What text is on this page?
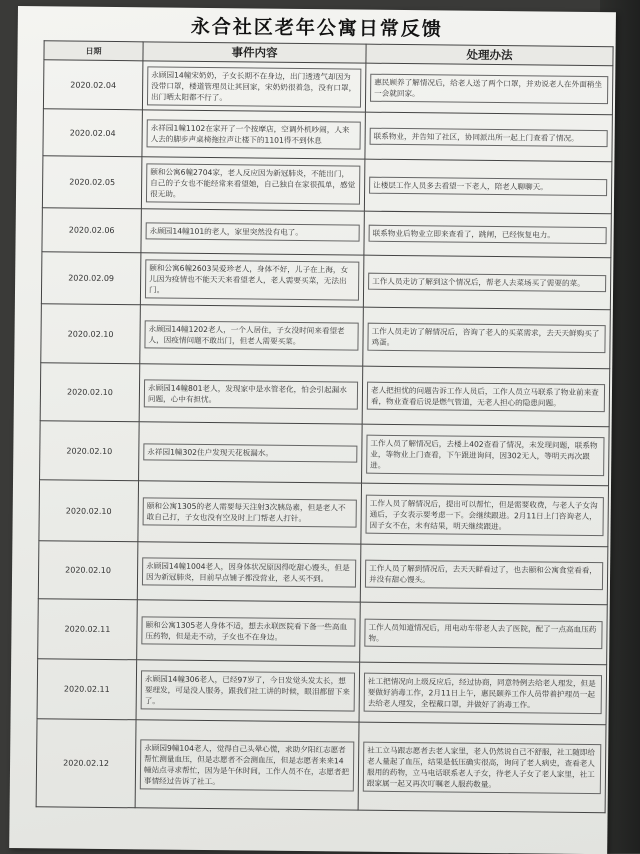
永合社区老年公寓日常反馈
日期	事件内容	处理办法
2020.02.04	永顾园14幢宋奶奶，子女长期不在身边，出门透透气却因为没带口罩，楼道管理员让其回家，宋奶奶很着急，没有口罩，出门晒太阳都不行了。	惠民顾养了解情况后，给老人送了两个口罩，并劝说老人在外面稍坐一会就回家。

2020.02.04	永祥园1幢1102在家开了一个按摩店，空调外机吵闹，人来人去的脚步声桌椅拖拉声让楼下的1101得不到休息	联系物业，并告知了社区，协同派出所一起上门查看了情况。

2020.02.05	颐和公寓6幢2704家，老人反应因为新冠肺炎，不能出门，自己的子女也不能经常来看望她，自己独自在家很孤单，感觉很无助。	让楼层工作人员多去看望一下老人，陪老人聊聊天。

2020.02.06	永顾园14幢101的老人，家里突然没有电了。	联系物业后物业立即来查看了，跳闸，已经恢复电力。

2020.02.09	颐和公寓6幢2603吴爱珍老人，身体不好，儿子在上海，女儿因为疫情也不能天天来看望老人，老人需要买菜，无法出门。	工作人员走访了解到这个情况后，帮老人去菜场买了需要的菜。

2020.02.10	永顾园14幢1202老人，一个人居住，子女没时间来看望老人，因疫情问题不敢出门，但老人需要买菜。	工作人员走访了解情况后，咨询了老人的买菜需求，去天天鲜购买了鸡蛋。

2020.02.10	永顾园14幢801老人，发现家中是水管老化，怕会引起漏水问题，心中有担忧。	老人把担忧的问题告诉工作人员后，工作人员立马联系了物业前来查看，物业查看后说是燃气管道，无老人担心的隐患问题。

2020.02.10	永祥园1幢302住户发现天花板漏水。	工作人员了解情况后，去楼上402查看了情况，未发现问题，联系物业，等物业上门查看，下午跟进询问，因302无人，等明天再次跟进。

2020.02.10	颐和公寓1305的老人需要每天注射3次胰岛素，但是老人不敢自己打，子女也没有空及时上门帮老人打针。	工作人员了解情况后，提出可以帮忙，但是需要收费，与老人子女沟通后，子女表示要考虑一下。会继续跟进。2月11日上门咨询老人，因子女不在，未有结果，明天继续跟进。

2020.02.10	永顾园14幢1004老人，因身体状况原因得吃甜心馒头，但是因为新冠肺炎，目前早点铺子都没营业，老人买不到。	工作人员了解到情况后，去天天鲜看过了，也去颐和公寓食堂看看，并没有甜心馒头。

2020.02.11	颐和公寓1305老人身体不适，想去永联医院看下备一些高血压药物，但是走不动，子女也不在身边。	工作人员知道情况后，用电动车带老人去了医院，配了一点高血压药物。

2020.02.11	永顾园14幢306老人，已经97岁了，今日发觉头发太长，想要理发，可是没人服务，跟我们社工讲的时候，眼泪都留下来了。	社工把情况向上级反应后，经过协商，同意特例去给老人理发，但是要做好消毒工作，2月11日上午，惠民颐养工作人员带着护理员一起去给老人理发，全程戴口罩，并做好了消毒工作。

2020.02.12	永顾园9幢104老人，觉得自己头晕心慌，求助夕阳红志愿者帮忙测量血压，但是志愿者不会测血压，但是志愿者来来14幢站点寻求帮忙，因为是午休时间，工作人员不在，志愿者把事情经过告诉了社工。	社工立马跟志愿者去老人家里，老人仍然说自己不舒服，社工随即给老人量起了血压，结果是低压确实很高，询问了老人病史，查看老人服用的药物，立马电话联系老人子女，待老人子女了老人家里，社工跟家属一起又再次叮嘱老人服药数量。
